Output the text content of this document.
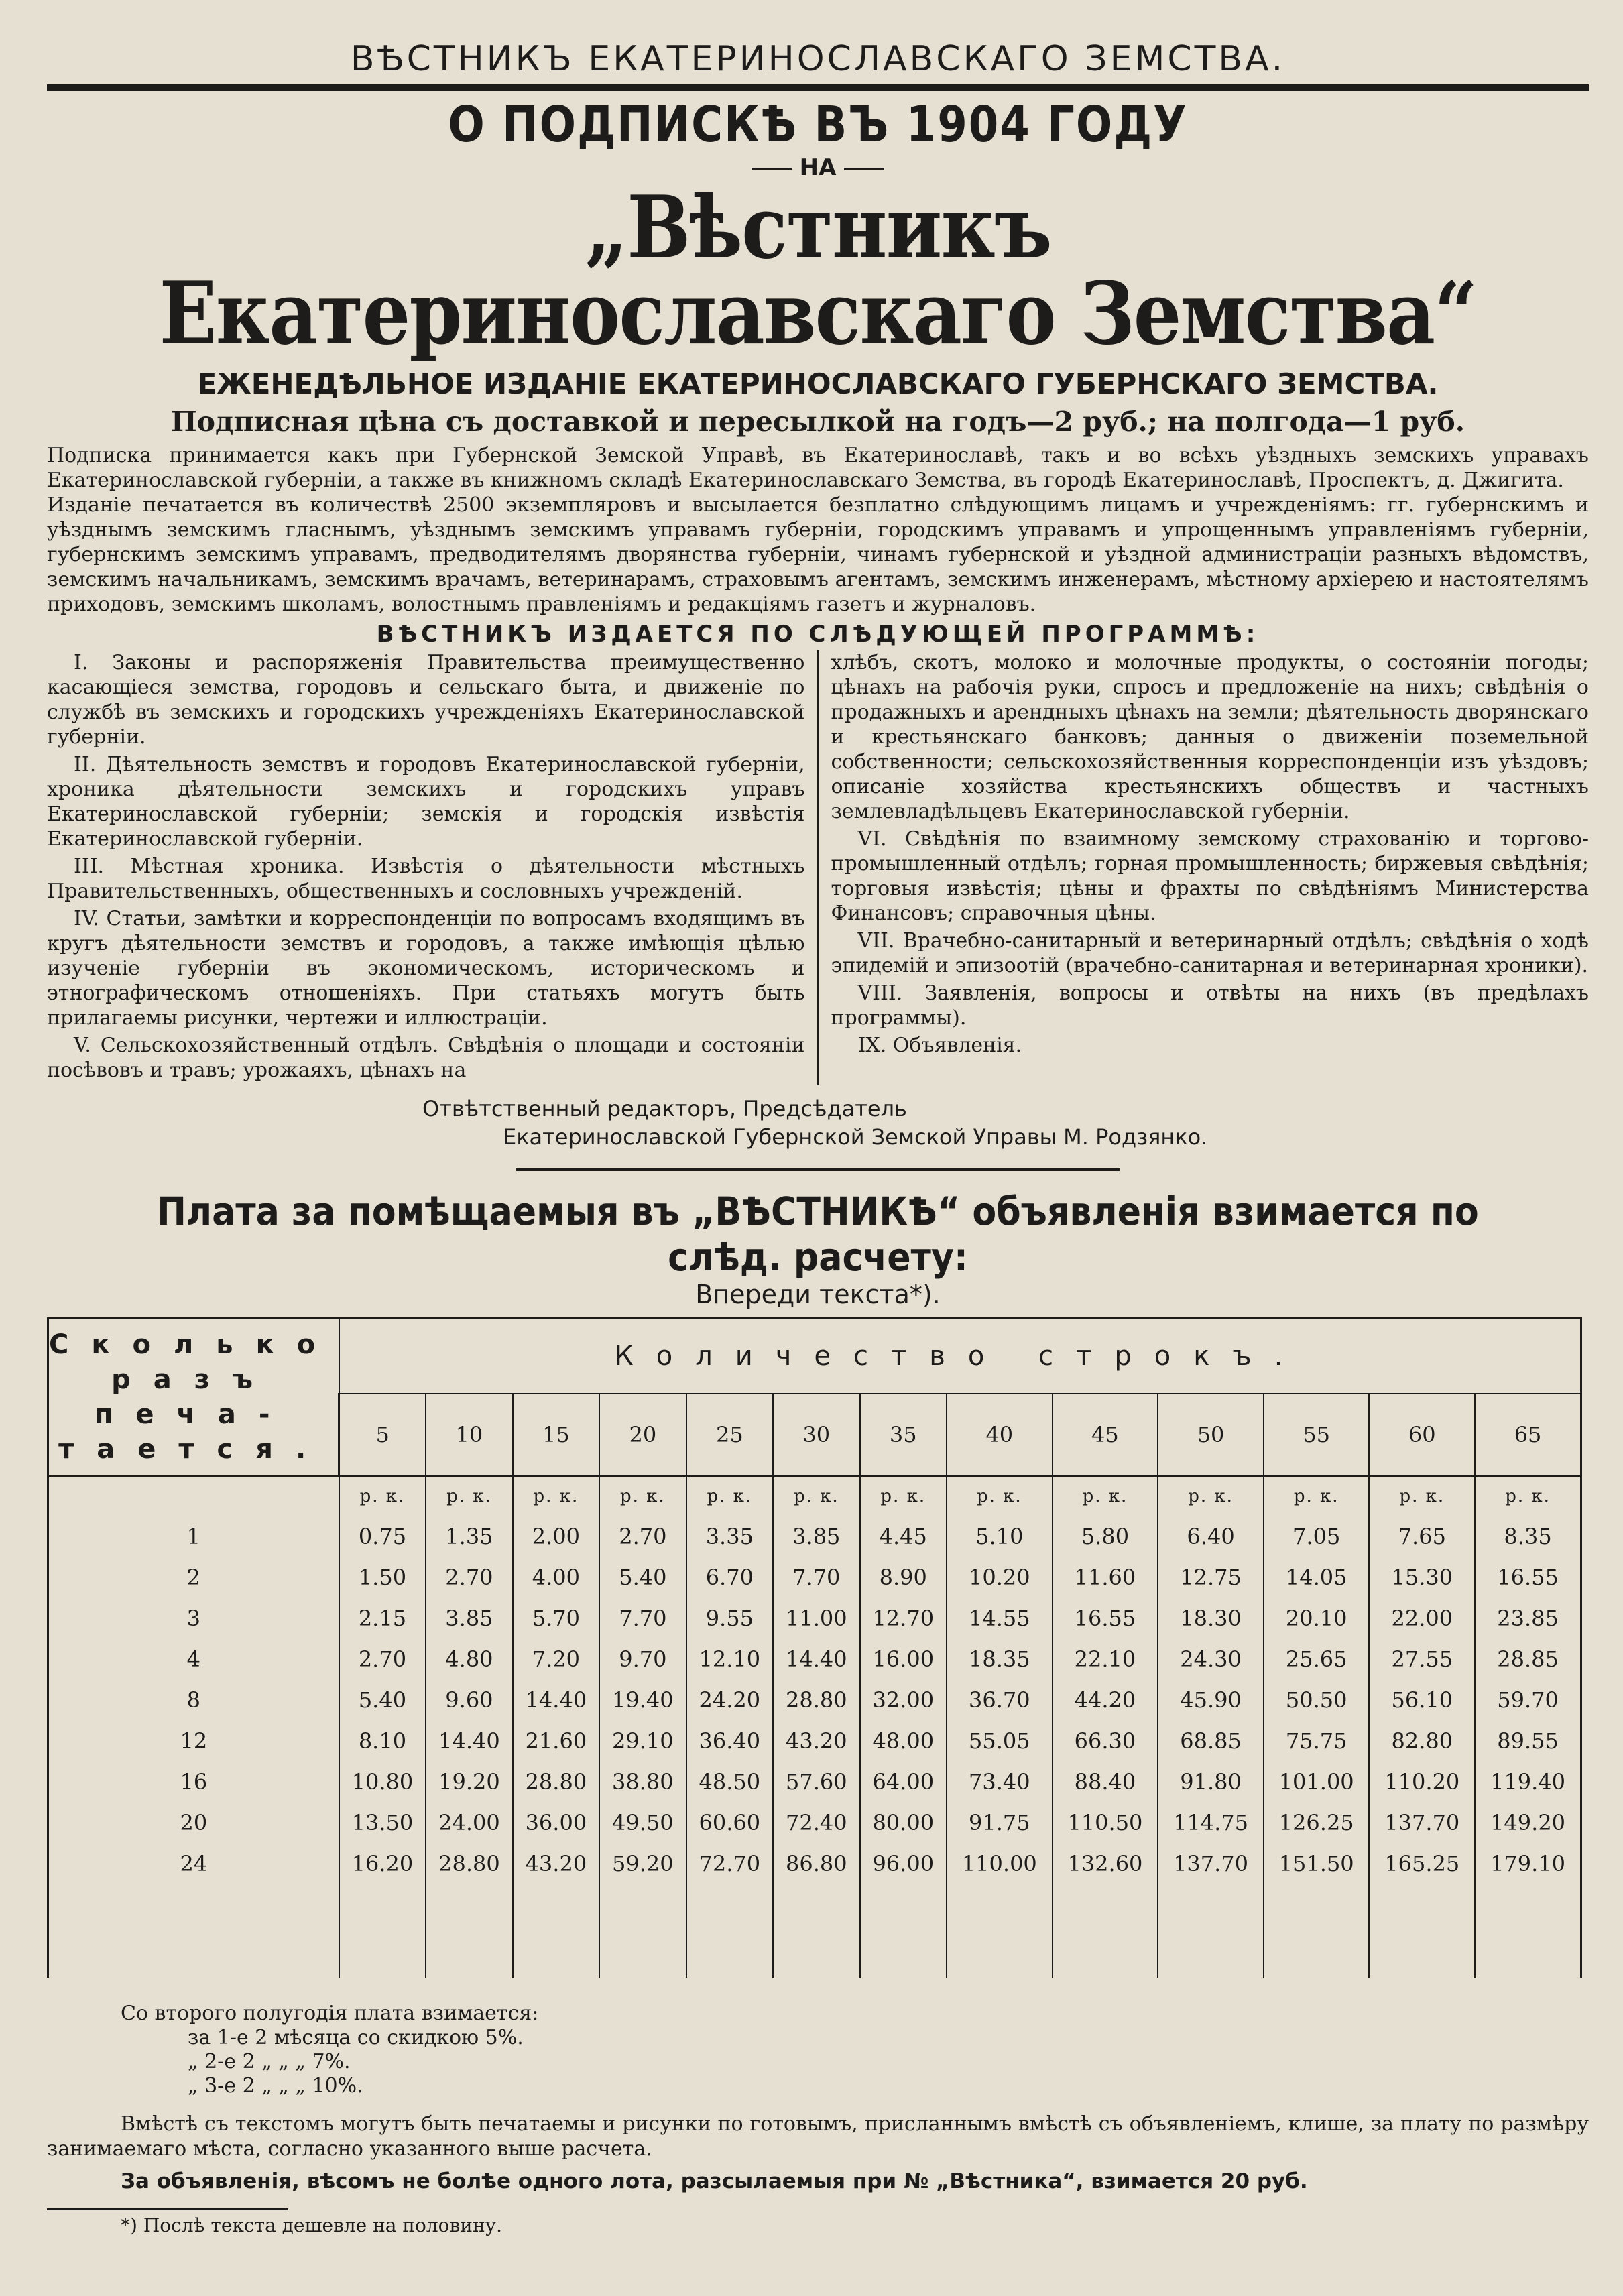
ВѢСТНИКЪ ЕКАТЕРИНОСЛАВСКАГО ЗЕМСТВА.
О ПОДПИСКѢ ВЪ 1904 ГОДУ
НА
„Вѣстникъ Екатеринославскаго Земства“
ЕЖЕНЕДѢЛЬНОЕ ИЗДАНІЕ ЕКАТЕРИНОСЛАВСКАГО ГУБЕРНСКАГО ЗЕМСТВА.
Подписная цѣна съ доставкой и пересылкой на годъ—2 руб.; на полгода—1 руб.
Подписка принимается какъ при Губернской Земской Управѣ, въ Екатеринославѣ, такъ и во всѣхъ уѣздныхъ земскихъ управахъ Екатеринославской губерніи, а также въ книжномъ складѣ Екатеринославскаго Земства, въ городѣ Екатеринославѣ, Проспектъ, д. Джигита.
Изданіе печатается въ количествѣ 2500 экземпляровъ и высылается безплатно слѣдующимъ лицамъ и учрежденіямъ: гг. губернскимъ и уѣзднымъ земскимъ гласнымъ, уѣзднымъ земскимъ управамъ губерніи, городскимъ управамъ и упрощеннымъ управленіямъ губерніи, губернскимъ земскимъ управамъ, предводителямъ дворянства губерніи, чинамъ губернской и уѣздной администраціи разныхъ вѣдомствъ, земскимъ начальникамъ, земскимъ врачамъ, ветеринарамъ, страховымъ агентамъ, земскимъ инженерамъ, мѣстному архіерею и настоятелямъ приходовъ, земскимъ школамъ, волостнымъ правленіямъ и редакціямъ газетъ и журналовъ.
ВѢСТНИКЪ ИЗДАЕТСЯ ПО СЛѢДУЮЩЕЙ ПРОГРАММѢ:

I. Законы и распоряженія Правительства преимущественно касающіеся земства, городовъ и сельскаго быта, и движеніе по службѣ въ земскихъ и городскихъ учрежденіяхъ Екатеринославской губерніи.

II. Дѣятельность земствъ и городовъ Екатеринославской губерніи, хроника дѣятельности земскихъ и городскихъ управъ Екатеринославской губерніи; земскія и городскія извѣстія Екатеринославской губерніи.

III. Мѣстная хроника. Извѣстія о дѣятельности мѣстныхъ Правительственныхъ, общественныхъ и сословныхъ учрежденій.

IV. Статьи, замѣтки и корреспонденціи по вопросамъ входящимъ въ кругъ дѣятельности земствъ и городовъ, а также имѣющія цѣлью изученіе губерніи въ экономическомъ, историческомъ и этнографическомъ отношеніяхъ. При статьяхъ могутъ быть прилагаемы рисунки, чертежи и иллюстраціи.

V. Сельскохозяйственный отдѣлъ. Свѣдѣнія о площади и состояніи посѣвовъ и травъ; урожаяхъ, цѣнахъ на

хлѣбъ, скотъ, молоко и молочные продукты, о состояніи погоды; цѣнахъ на рабочія руки, спросъ и предложеніе на нихъ; свѣдѣнія о продажныхъ и арендныхъ цѣнахъ на земли; дѣятельность дворянскаго и крестьянскаго банковъ; данныя о движеніи поземельной собственности; сельскохозяйственныя корреспонденціи изъ уѣздовъ; описаніе хозяйства крестьянскихъ обществъ и частныхъ землевладѣльцевъ Екатеринославской губерніи.

VI. Свѣдѣнія по взаимному земскому страхованію и торгово-промышленный отдѣлъ; горная промышленность; биржевыя свѣдѣнія; торговыя извѣстія; цѣны и фрахты по свѣдѣніямъ Министерства Финансовъ; справочныя цѣны.

VII. Врачебно-санитарный и ветеринарный отдѣлъ; свѣдѣнія о ходѣ эпидемій и эпизоотій (врачебно-санитарная и ветеринарная хроники).

VIII. Заявленія, вопросы и отвѣты на нихъ (въ предѣлахъ программы).

IX. Объявленія.

Отвѣтственный редакторъ, Предсѣдатель
Екатеринославской Губернской Земской Управы М. Родзянко.
Плата за помѣщаемыя въ „ВѢСТНИКѢ“ объявленія взимается по слѣд. расчету:
Впереди текста*).
Сколько
разъ печа-
тается.	Количество строкъ.												
	5	10	15	20	25	30	35	40	45	50	55	60	65
	р. к.	р. к.	р. к.	р. к.	р. к.	р. к.	р. к.	р. к.	р. к.	р. к.	р. к.	р. к.	р. к.
1	0.75	1.35	2.00	2.70	3.35	3.85	4.45	5.10	5.80	6.40	7.05	7.65	8.35
2	1.50	2.70	4.00	5.40	6.70	7.70	8.90	10.20	11.60	12.75	14.05	15.30	16.55
3	2.15	3.85	5.70	7.70	9.55	11.00	12.70	14.55	16.55	18.30	20.10	22.00	23.85
4	2.70	4.80	7.20	9.70	12.10	14.40	16.00	18.35	22.10	24.30	25.65	27.55	28.85
8	5.40	9.60	14.40	19.40	24.20	28.80	32.00	36.70	44.20	45.90	50.50	56.10	59.70
12	8.10	14.40	21.60	29.10	36.40	43.20	48.00	55.05	66.30	68.85	75.75	82.80	89.55
16	10.80	19.20	28.80	38.80	48.50	57.60	64.00	73.40	88.40	91.80	101.00	110.20	119.40
20	13.50	24.00	36.00	49.50	60.60	72.40	80.00	91.75	110.50	114.75	126.25	137.70	149.20
24	16.20	28.80	43.20	59.20	72.70	86.80	96.00	110.00	132.60	137.70	151.50	165.25	179.10

Со второго полугодія плата взимается:
за 1-е 2 мѣсяца со скидкою 5%.
„ 2-е 2 „ „ „ 7%.
„ 3-е 2 „ „ „ 10%.

Вмѣстѣ съ текстомъ могутъ быть печатаемы и рисунки по готовымъ, присланнымъ вмѣстѣ съ объявленіемъ, клише, за плату по размѣру занимаемаго мѣста, согласно указанного выше расчета.

За объявленія, вѣсомъ не болѣе одного лота, разсылаемыя при № „Вѣстника“, взимается 20 руб.
*) Послѣ текста дешевле на половину.
